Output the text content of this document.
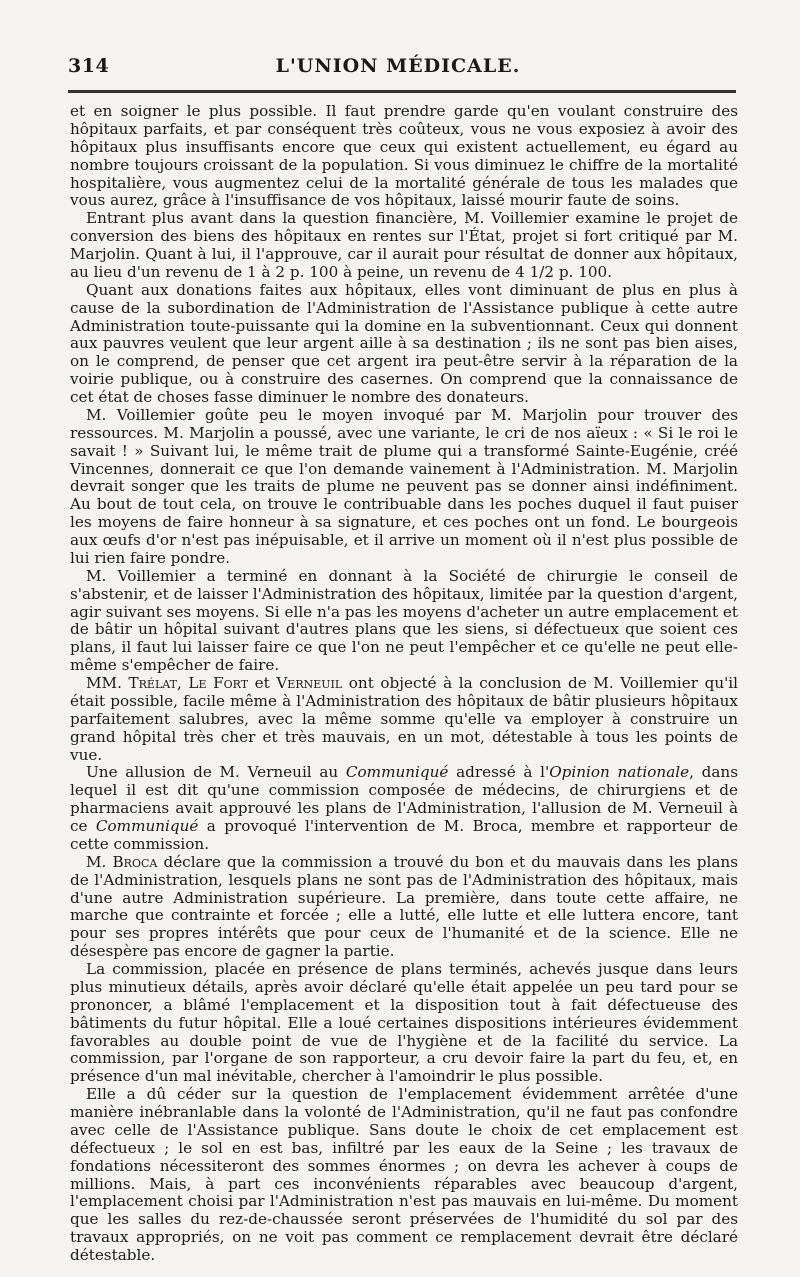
314	L'UNION MÉDICALE.

et en soigner le plus possible. Il faut prendre garde qu'en voulant construire des hôpitaux parfaits, et par conséquent très coûteux, vous ne vous exposiez à avoir des hôpitaux plus insuffisants encore que ceux qui existent actuellement, eu égard au nombre toujours croissant de la population. Si vous diminuez le chiffre de la mortalité hospitalière, vous augmentez celui de la mortalité générale de tous les malades que vous aurez, grâce à l'insuffisance de vos hôpitaux, laissé mourir faute de soins.

Entrant plus avant dans la question financière, M. Voillemier examine le projet de conversion des biens des hôpitaux en rentes sur l'État, projet si fort critiqué par M. Marjolin. Quant à lui, il l'approuve, car il aurait pour résultat de donner aux hôpitaux, au lieu d'un revenu de 1 à 2 p. 100 à peine, un revenu de 4 1/2 p. 100.

Quant aux donations faites aux hôpitaux, elles vont diminuant de plus en plus à cause de la subordination de l'Administration de l'Assistance publique à cette autre Administration toute-puissante qui la domine en la subventionnant. Ceux qui donnent aux pauvres veulent que leur argent aille à sa destination ; ils ne sont pas bien aises, on le comprend, de penser que cet argent ira peut-être servir à la réparation de la voirie publique, ou à construire des casernes. On comprend que la connaissance de cet état de choses fasse diminuer le nombre des donateurs.

M. Voillemier goûte peu le moyen invoqué par M. Marjolin pour trouver des ressources. M. Marjolin a poussé, avec une variante, le cri de nos aïeux : « Si le roi le savait ! » Suivant lui, le même trait de plume qui a transformé Sainte-Eugénie, créé Vincennes, donnerait ce que l'on demande vainement à l'Administration. M. Marjolin devrait songer que les traits de plume ne peuvent pas se donner ainsi indéfiniment. Au bout de tout cela, on trouve le contribuable dans les poches duquel il faut puiser les moyens de faire honneur à sa signature, et ces poches ont un fond. Le bourgeois aux œufs d'or n'est pas inépuisable, et il arrive un moment où il n'est plus possible de lui rien faire pondre.

M. Voillemier a terminé en donnant à la Société de chirurgie le conseil de s'abstenir, et de laisser l'Administration des hôpitaux, limitée par la question d'argent, agir suivant ses moyens. Si elle n'a pas les moyens d'acheter un autre emplacement et de bâtir un hôpital suivant d'autres plans que les siens, si défectueux que soient ces plans, il faut lui laisser faire ce que l'on ne peut l'empêcher et ce qu'elle ne peut elle-même s'empêcher de faire.

MM. Trélat, Le Fort et Verneuil ont objecté à la conclusion de M. Voillemier qu'il était possible, facile même à l'Administration des hôpitaux de bâtir plusieurs hôpitaux parfaitement salubres, avec la même somme qu'elle va employer à construire un grand hôpital très cher et très mauvais, en un mot, détestable à tous les points de vue.

Une allusion de M. Verneuil au Communiqué adressé à l'Opinion nationale, dans lequel il est dit qu'une commission composée de médecins, de chirurgiens et de pharmaciens avait approuvé les plans de l'Administration, l'allusion de M. Verneuil à ce Communiqué a provoqué l'intervention de M. Broca, membre et rapporteur de cette commission.

M. Broca déclare que la commission a trouvé du bon et du mauvais dans les plans de l'Administration, lesquels plans ne sont pas de l'Administration des hôpitaux, mais d'une autre Administration supérieure. La première, dans toute cette affaire, ne marche que contrainte et forcée ; elle a lutté, elle lutte et elle luttera encore, tant pour ses propres intérêts que pour ceux de l'humanité et de la science. Elle ne désespère pas encore de gagner la partie.

La commission, placée en présence de plans terminés, achevés jusque dans leurs plus minutieux détails, après avoir déclaré qu'elle était appelée un peu tard pour se prononcer, a blâmé l'emplacement et la disposition tout à fait défectueuse des bâtiments du futur hôpital. Elle a loué certaines dispositions intérieures évidemment favorables au double point de vue de l'hygiène et de la facilité du service. La commission, par l'organe de son rapporteur, a cru devoir faire la part du feu, et, en présence d'un mal inévitable, chercher à l'amoindrir le plus possible.

Elle a dû céder sur la question de l'emplacement évidemment arrêtée d'une manière inébranlable dans la volonté de l'Administration, qu'il ne faut pas confondre avec celle de l'Assistance publique. Sans doute le choix de cet emplacement est défectueux ; le sol en est bas, infiltré par les eaux de la Seine ; les travaux de fondations nécessiteront des sommes énormes ; on devra les achever à coups de millions. Mais, à part ces inconvénients réparables avec beaucoup d'argent, l'emplacement choisi par l'Administration n'est pas mauvais en lui-même. Du moment que les salles du rez-de-chaussée seront préservées de l'humidité du sol par des travaux appropriés, on ne voit pas comment ce remplacement devrait être déclaré détestable.
